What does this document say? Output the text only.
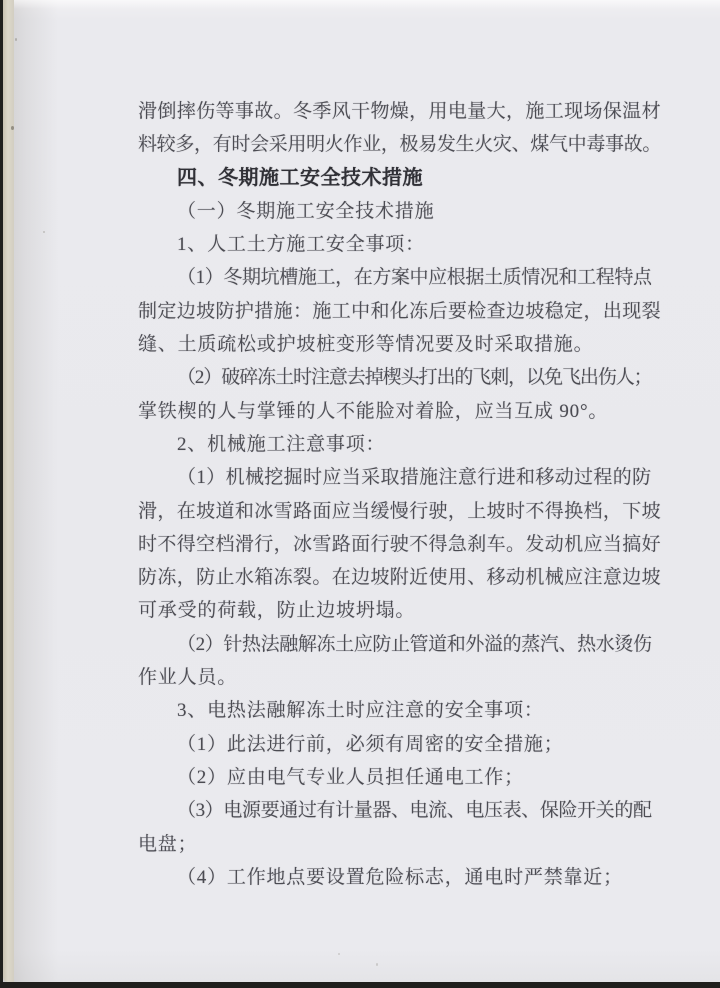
滑倒摔伤等事故。冬季风干物燥，用电量大，施工现场保温材
料较多，有时会采用明火作业，极易发生火灾、煤气中毒事故。
四、冬期施工安全技术措施
（一）冬期施工安全技术措施
1、人工土方施工安全事项：
（1）冬期坑槽施工，在方案中应根据土质情况和工程特点
制定边坡防护措施：施工中和化冻后要检查边坡稳定，出现裂
缝、土质疏松或护坡桩变形等情况要及时采取措施。
（2）破碎冻土时注意去掉楔头打出的飞刺，以免飞出伤人；
掌铁楔的人与掌锤的人不能脸对着脸，应当互成 90°。
2、机械施工注意事项：
（1）机械挖掘时应当采取措施注意行进和移动过程的防
滑，在坡道和冰雪路面应当缓慢行驶，上坡时不得换档，下坡
时不得空档滑行，冰雪路面行驶不得急刹车。发动机应当搞好
防冻，防止水箱冻裂。在边坡附近使用、移动机械应注意边坡
可承受的荷载，防止边坡坍塌。
（2）针热法融解冻土应防止管道和外溢的蒸汽、热水烫伤
作业人员。
3、电热法融解冻土时应注意的安全事项：
（1）此法进行前，必须有周密的安全措施；
（2）应由电气专业人员担任通电工作；
（3）电源要通过有计量器、电流、电压表、保险开关的配
电盘；
（4）工作地点要设置危险标志，通电时严禁靠近；
